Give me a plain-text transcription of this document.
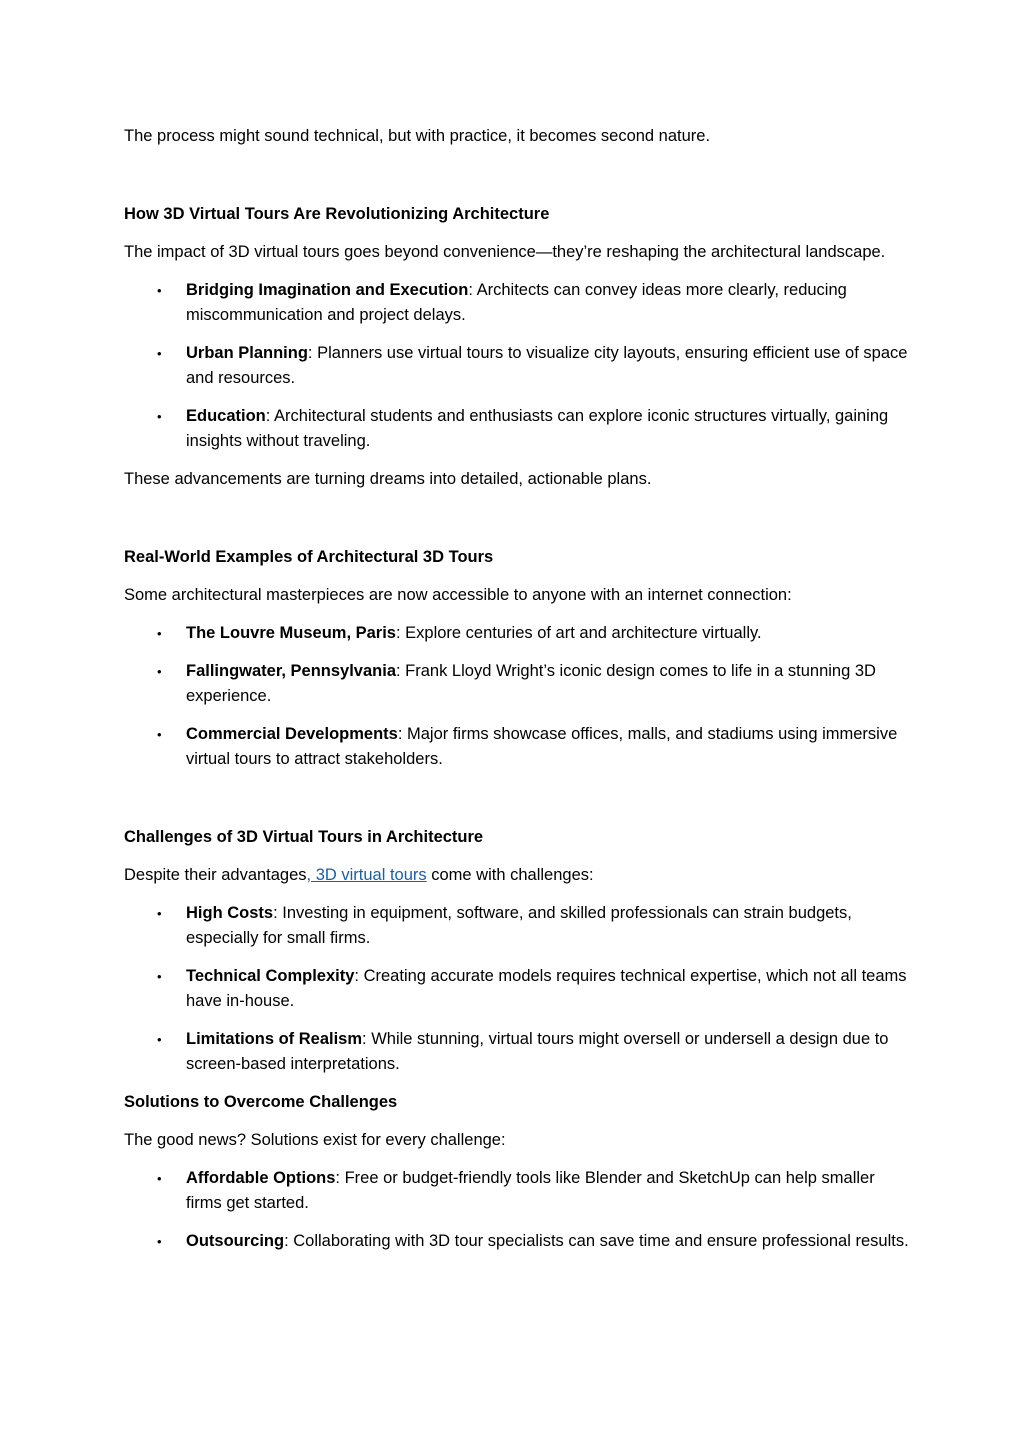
The process might sound technical, but with practice, it becomes second nature.

How 3D Virtual Tours Are Revolutionizing Architecture

The impact of 3D virtual tours goes beyond convenience—they’re reshaping the architectural landscape.

• Bridging Imagination and Execution: Architects can convey ideas more clearly, reducing miscommunication and project delays.
• Urban Planning: Planners use virtual tours to visualize city layouts, ensuring efficient use of space and resources.
• Education: Architectural students and enthusiasts can explore iconic structures virtually, gaining insights without traveling.

These advancements are turning dreams into detailed, actionable plans.

Real-World Examples of Architectural 3D Tours

Some architectural masterpieces are now accessible to anyone with an internet connection:

• The Louvre Museum, Paris: Explore centuries of art and architecture virtually.
• Fallingwater, Pennsylvania: Frank Lloyd Wright’s iconic design comes to life in a stunning 3D experience.
• Commercial Developments: Major firms showcase offices, malls, and stadiums using immersive virtual tours to attract stakeholders.

Challenges of 3D Virtual Tours in Architecture

Despite their advantages, 3D virtual tours come with challenges:

• High Costs: Investing in equipment, software, and skilled professionals can strain budgets, especially for small firms.
• Technical Complexity: Creating accurate models requires technical expertise, which not all teams have in-house.
• Limitations of Realism: While stunning, virtual tours might oversell or undersell a design due to screen-based interpretations.

Solutions to Overcome Challenges

The good news? Solutions exist for every challenge:

• Affordable Options: Free or budget-friendly tools like Blender and SketchUp can help smaller firms get started.
• Outsourcing: Collaborating with 3D tour specialists can save time and ensure professional results.
